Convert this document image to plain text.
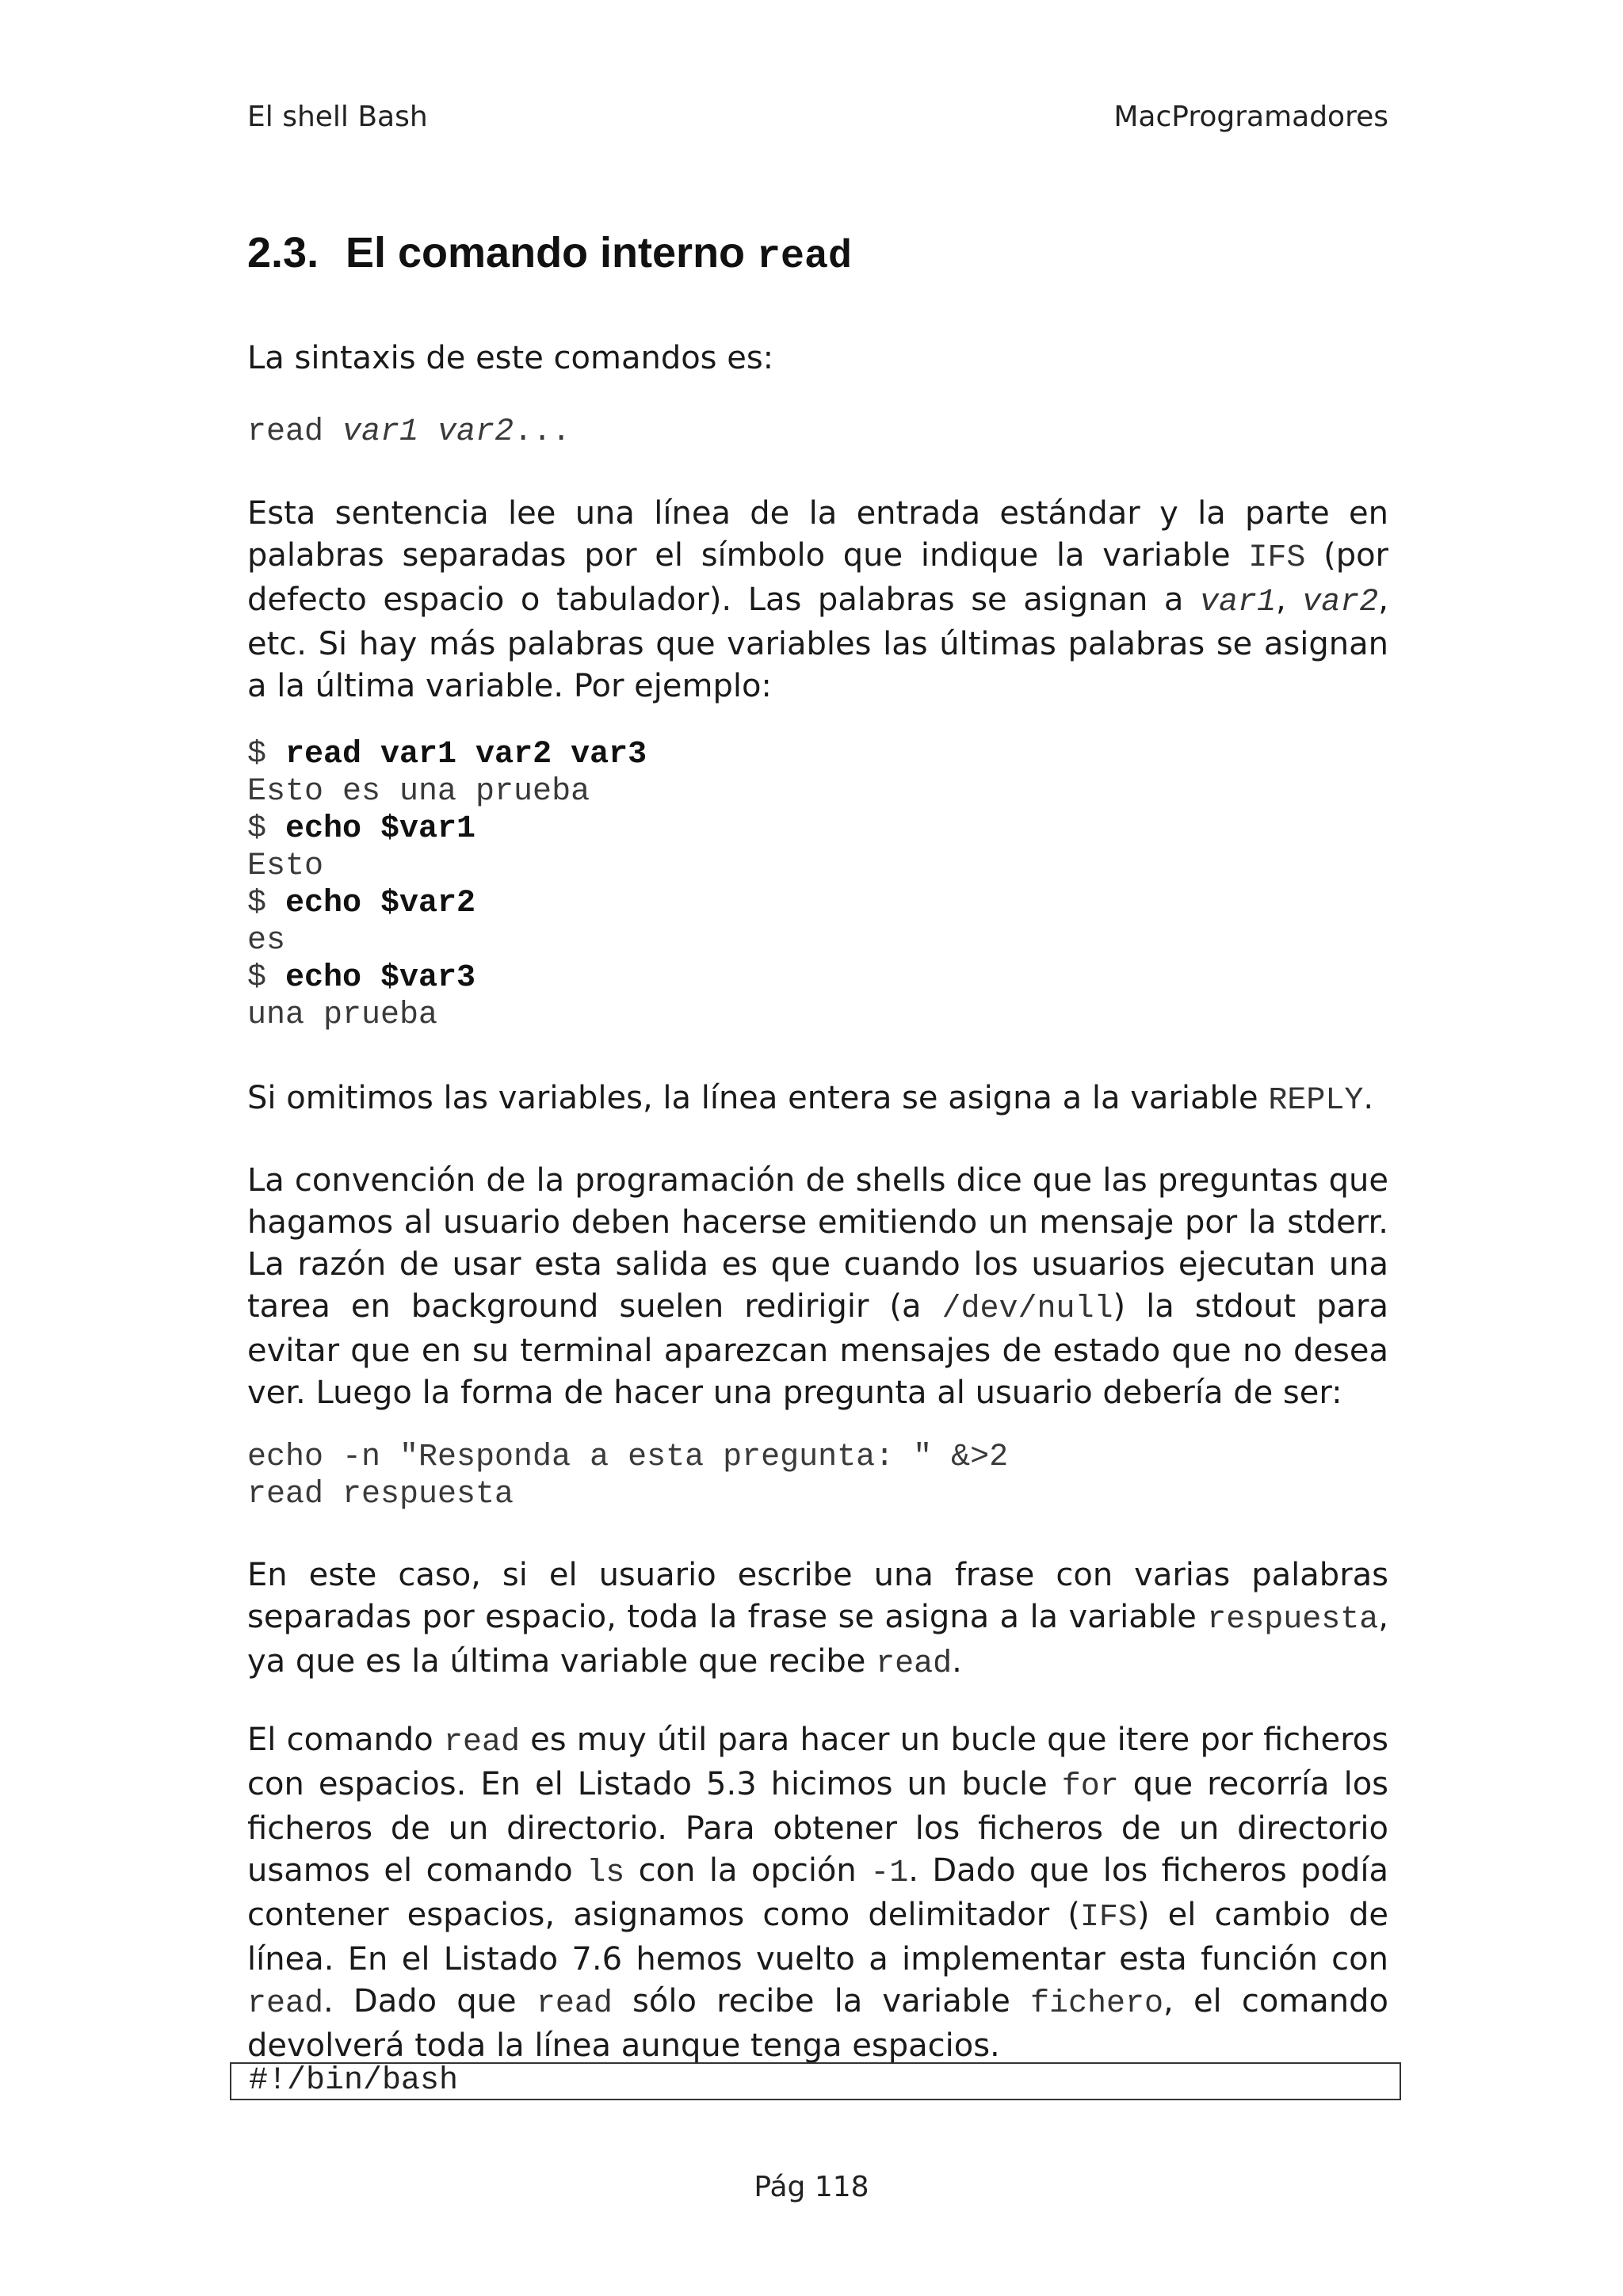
El shell Bash	MacProgramadores
2.3. El comando interno read
La sintaxis de este comandos es:
read var1 var2...
Esta sentencia lee una línea de la entrada estándar y la parte en palabras separadas por el símbolo que indique la variable IFS (por defecto espacio o tabulador). Las palabras se asignan a var1, var2, etc. Si hay más palabras que variables las últimas palabras se asignan a la última variable. Por ejemplo:
$ read var1 var2 var3
Esto es una prueba
$ echo $var1
Esto
$ echo $var2
es
$ echo $var3
una prueba
Si omitimos las variables, la línea entera se asigna a la variable REPLY.
La convención de la programación de shells dice que las preguntas que hagamos al usuario deben hacerse emitiendo un mensaje por la stderr. La razón de usar esta salida es que cuando los usuarios ejecutan una tarea en background suelen redirigir (a /dev/null) la stdout para evitar que en su terminal aparezcan mensajes de estado que no desea ver. Luego la forma de hacer una pregunta al usuario debería de ser:
echo -n "Responda a esta pregunta: " &>2
read respuesta
En este caso, si el usuario escribe una frase con varias palabras separadas por espacio, toda la frase se asigna a la variable respuesta, ya que es la última variable que recibe read.
El comando read es muy útil para hacer un bucle que itere por ficheros con espacios. En el Listado 5.3 hicimos un bucle for que recorría los ficheros de un directorio. Para obtener los ficheros de un directorio usamos el comando ls con la opción -1. Dado que los ficheros podía contener espacios, asignamos como delimitador (IFS) el cambio de línea. En el Listado 7.6 hemos vuelto a implementar esta función con read. Dado que read sólo recibe la variable fichero, el comando devolverá toda la línea aunque tenga espacios.
#!/bin/bash
Pág 118
